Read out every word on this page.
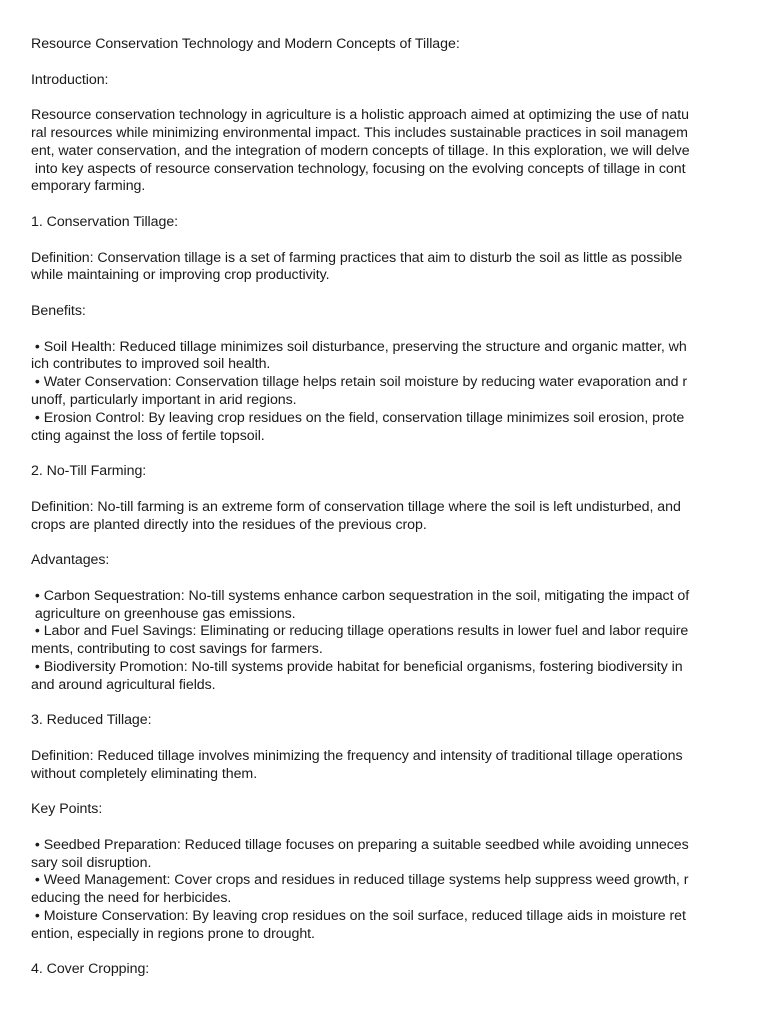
Resource Conservation Technology and Modern Concepts of Tillage:
Introduction:
Resource conservation technology in agriculture is a holistic approach aimed at optimizing the use of natu
ral resources while minimizing environmental impact. This includes sustainable practices in soil managem
ent, water conservation, and the integration of modern concepts of tillage. In this exploration, we will delve
into key aspects of resource conservation technology, focusing on the evolving concepts of tillage in cont
emporary farming.
1. Conservation Tillage:
Definition: Conservation tillage is a set of farming practices that aim to disturb the soil as little as possible
while maintaining or improving crop productivity.
Benefits:
• Soil Health: Reduced tillage minimizes soil disturbance, preserving the structure and organic matter, wh
ich contributes to improved soil health.
• Water Conservation: Conservation tillage helps retain soil moisture by reducing water evaporation and r
unoff, particularly important in arid regions.
• Erosion Control: By leaving crop residues on the field, conservation tillage minimizes soil erosion, prote
cting against the loss of fertile topsoil.
2. No-Till Farming:
Definition: No-till farming is an extreme form of conservation tillage where the soil is left undisturbed, and
crops are planted directly into the residues of the previous crop.
Advantages:
• Carbon Sequestration: No-till systems enhance carbon sequestration in the soil, mitigating the impact of
agriculture on greenhouse gas emissions.
• Labor and Fuel Savings: Eliminating or reducing tillage operations results in lower fuel and labor require
ments, contributing to cost savings for farmers.
• Biodiversity Promotion: No-till systems provide habitat for beneficial organisms, fostering biodiversity in
and around agricultural fields.
3. Reduced Tillage:
Definition: Reduced tillage involves minimizing the frequency and intensity of traditional tillage operations
without completely eliminating them.
Key Points:
• Seedbed Preparation: Reduced tillage focuses on preparing a suitable seedbed while avoiding unneces
sary soil disruption.
• Weed Management: Cover crops and residues in reduced tillage systems help suppress weed growth, r
educing the need for herbicides.
• Moisture Conservation: By leaving crop residues on the soil surface, reduced tillage aids in moisture ret
ention, especially in regions prone to drought.
4. Cover Cropping:
